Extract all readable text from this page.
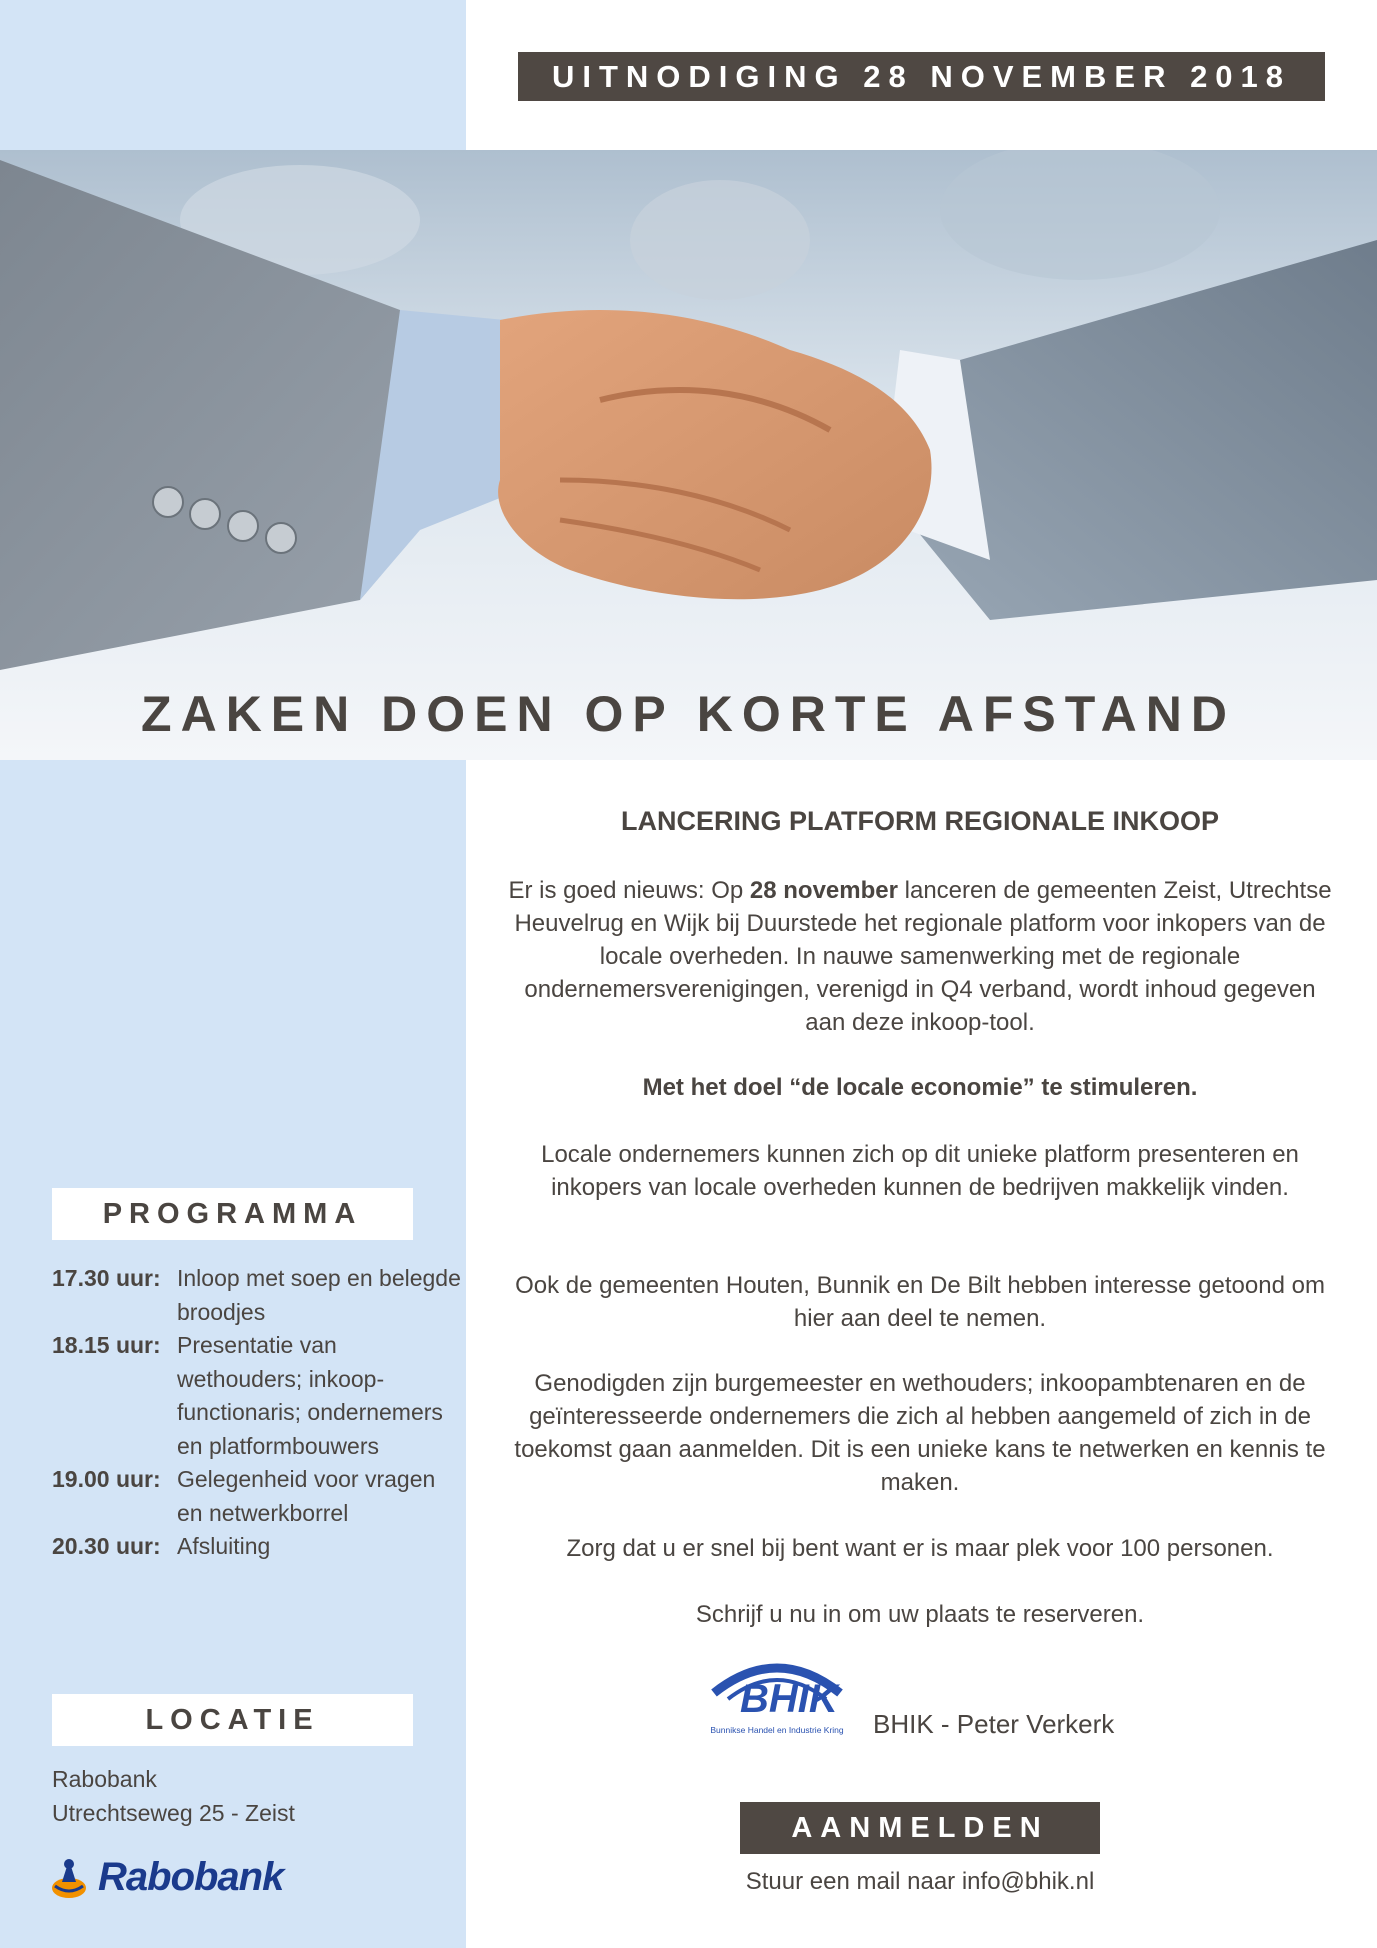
UITNODIGING 28 NOVEMBER 2018
ZAKEN DOEN OP KORTE AFSTAND
LANCERING PLATFORM REGIONALE INKOOP
Er is goed nieuws: Op 28 november lanceren de gemeenten Zeist, Utrechtse Heuvelrug en Wijk bij Duurstede het regionale platform voor inkopers van de locale overheden. In nauwe samenwerking met de regionale ondernemersverenigingen, verenigd in Q4 verband, wordt inhoud gegeven aan deze inkoop-tool.
Met het doel “de locale economie” te stimuleren.
Locale ondernemers kunnen zich op dit unieke platform presenteren en inkopers van locale overheden kunnen de bedrijven makkelijk vinden.
Ook de gemeenten Houten, Bunnik en De Bilt hebben interesse getoond om hier aan deel te nemen.
Genodigden zijn burgemeester en wethouders; inkoopambtenaren en de geïnteresseerde ondernemers die zich al hebben aangemeld of zich in de toekomst gaan aanmelden. Dit is een unieke kans te netwerken en kennis te maken.
Zorg dat u er snel bij bent want er is maar plek voor 100 personen.
Schrijf u nu in om uw plaats te reserveren.
BHIK
Bunnikse Handel en Industrie Kring BHIK - Peter Verkerk
AANMELDEN
Stuur een mail naar info@bhik.nl
PROGRAMMA
17.30 uur: Inloop met soep en belegde broodjes
18.15 uur: Presentatie van wethouders; inkoop-functionaris; ondernemers en platformbouwers
19.00 uur: Gelegenheid voor vragen en netwerkborrel
20.30 uur: Afsluiting
LOCATIE
Rabobank
Utrechtseweg 25 - Zeist
Rabobank
